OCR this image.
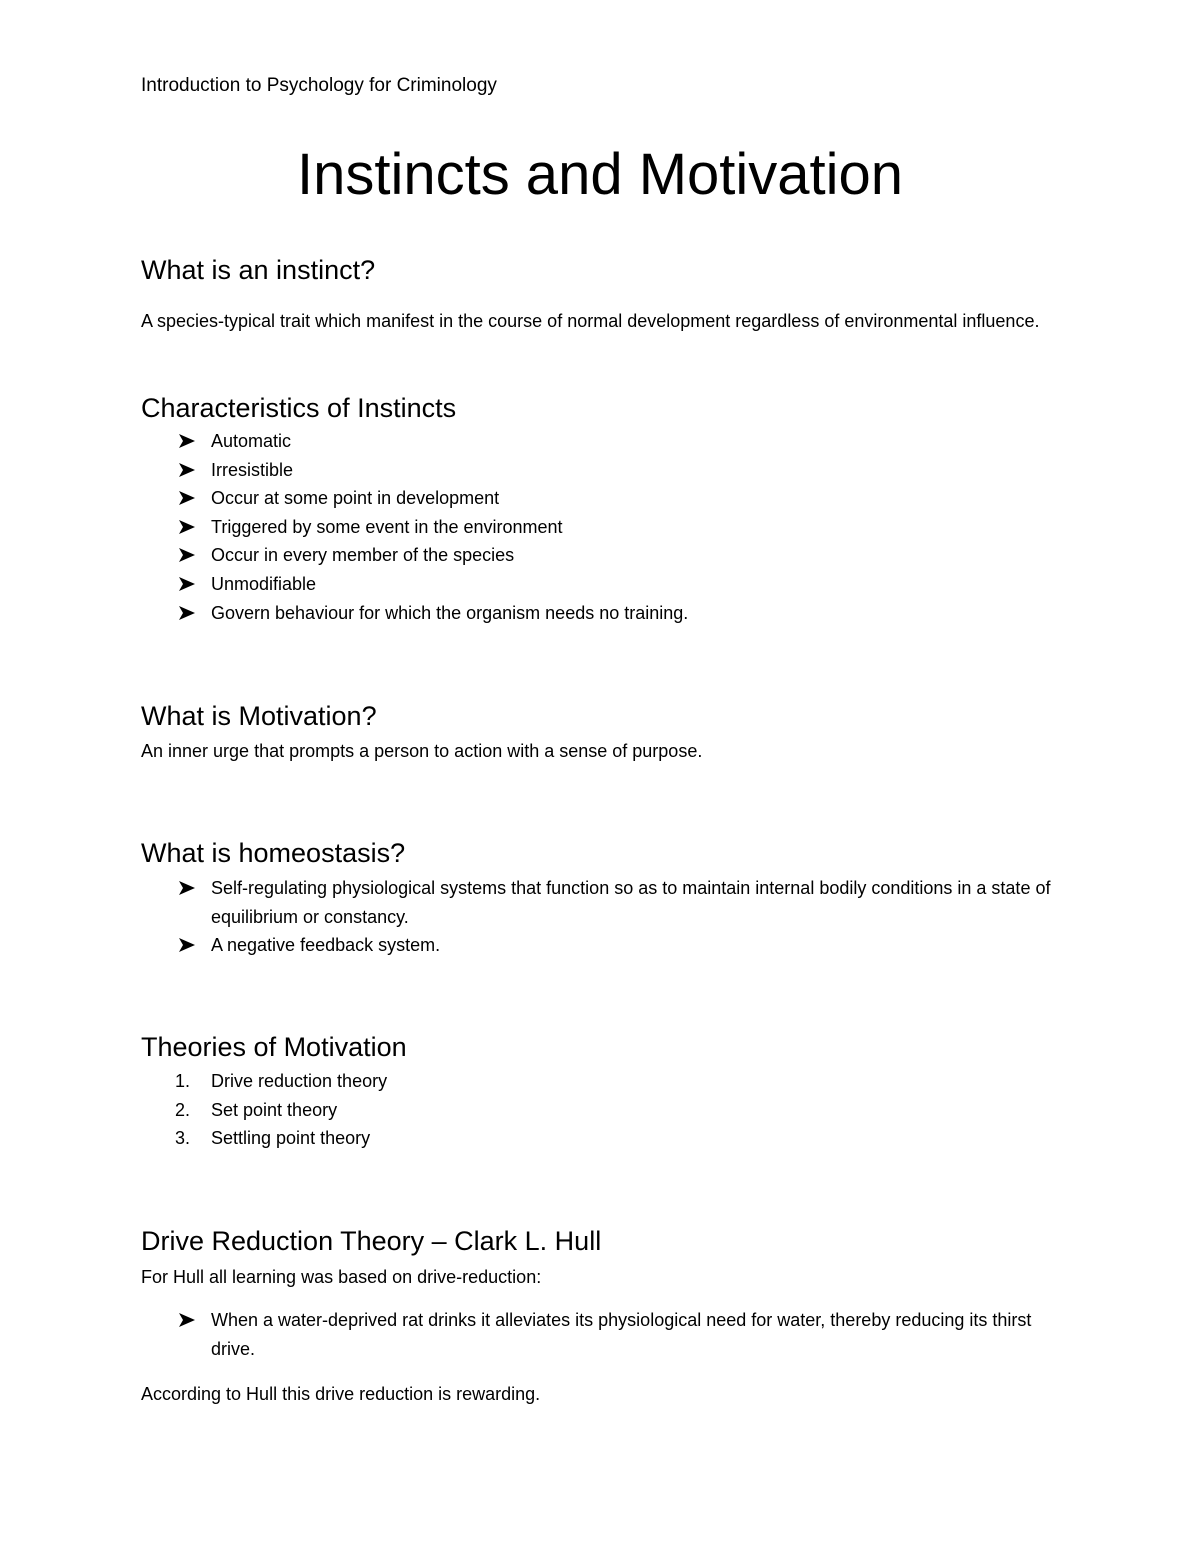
Introduction to Psychology for Criminology
Instincts and Motivation
What is an instinct?

A species-typical trait which manifest in the course of normal development regardless of environmental influence.

Characteristics of Instincts
Automatic
Irresistible
Occur at some point in development
Triggered by some event in the environment
Occur in every member of the species
Unmodifiable
Govern behaviour for which the organism needs no training.
What is Motivation?

An inner urge that prompts a person to action with a sense of purpose.

What is homeostasis?
Self-regulating physiological systems that function so as to maintain internal bodily conditions in a state of equilibrium or constancy.
A negative feedback system.
Theories of Motivation
1. Drive reduction theory
2. Set point theory
3. Settling point theory
Drive Reduction Theory – Clark L. Hull

For Hull all learning was based on drive-reduction:

When a water-deprived rat drinks it alleviates its physiological need for water, thereby reducing its thirst drive.

According to Hull this drive reduction is rewarding.
